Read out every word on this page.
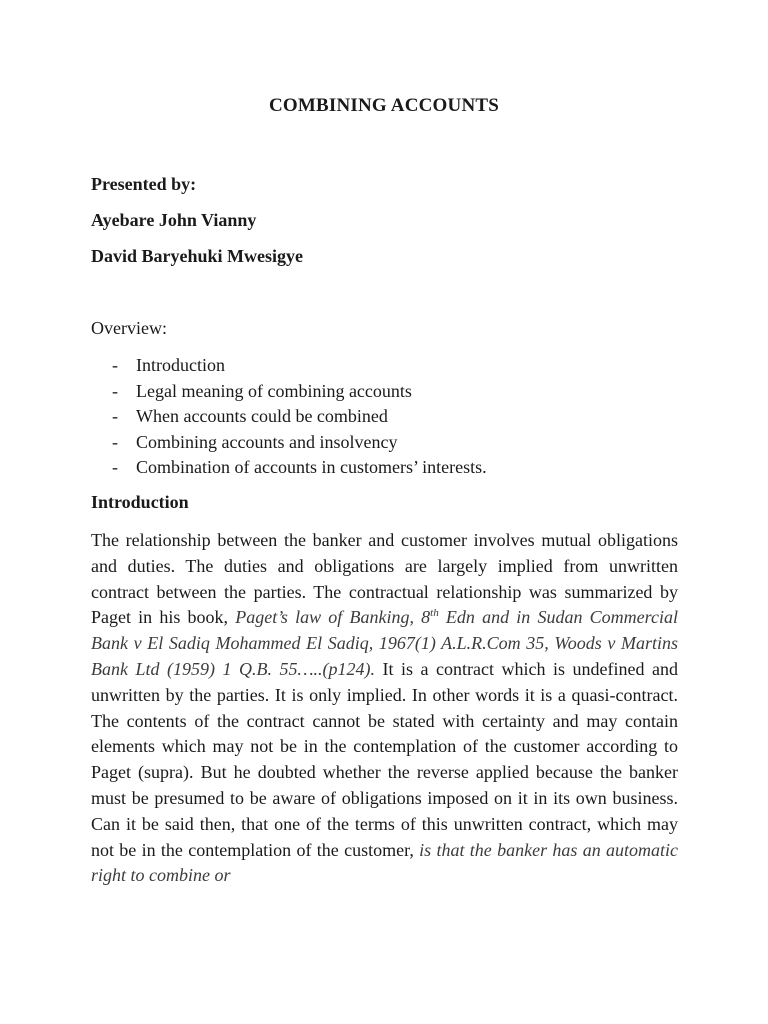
COMBINING ACCOUNTS

Presented by:

Ayebare John Vianny

David Baryehuki Mwesigye

Overview:

- Introduction
- Legal meaning of combining accounts
- When accounts could be combined
- Combining accounts and insolvency
- Combination of accounts in customers’ interests.
Introduction

The relationship between the banker and customer involves mutual obligations and duties. The duties and obligations are largely implied from unwritten contract between the parties. The contractual relationship was summarized by Paget in his book, Paget’s law of Banking, 8th Edn and in Sudan Commercial Bank v El Sadiq Mohammed El Sadiq, 1967(1) A.L.R.Com 35, Woods v Martins Bank Ltd (1959) 1 Q.B. 55…..(p124). It is a contract which is undefined and unwritten by the parties. It is only implied. In other words it is a quasi-contract. The contents of the contract cannot be stated with certainty and may contain elements which may not be in the contemplation of the customer according to Paget (supra). But he doubted whether the reverse applied because the banker must be presumed to be aware of obligations imposed on it in its own business. Can it be said then, that one of the terms of this unwritten contract, which may not be in the contemplation of the customer, is that the banker has an automatic right to combine or
